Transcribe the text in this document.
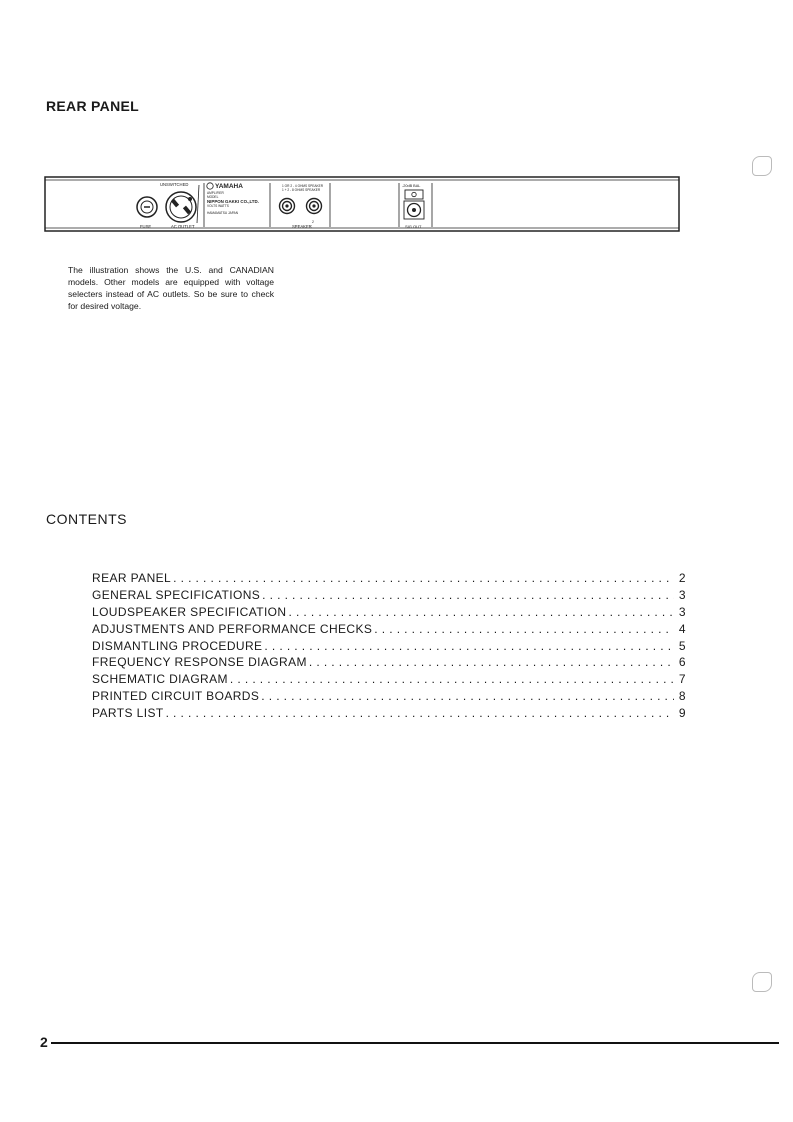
REAR PANEL
FUSE
UNSWITCHED
AC OUTLET
YAMAHA
AMPLIFIER
MODEL
NIPPON GAKKI CO.,LTD.
VOLTS WATTS
HAMAMATSU JAPAN
1 OR 2 - 4 OHMS SPEAKER
1 + 2 - 8 OHMS SPEAKER
2
SPEAKER
-20dB BAL
SIG OUT
The illustration shows the U.S. and CANADIAN models. Other models are equipped with voltage selecters instead of AC outlets. So be sure to check for desired voltage.
CONTENTS
REAR PANEL . . .	2
GENERAL SPECIFICATIONS . . .	3
LOUDSPEAKER SPECIFICATION . . .	3
ADJUSTMENTS AND PERFORMANCE CHECKS . . .	4
DISMANTLING PROCEDURE . . .	5
FREQUENCY RESPONSE DIAGRAM . . .	6
SCHEMATIC DIAGRAM . . .	7
PRINTED CIRCUIT BOARDS . . .	8
PARTS LIST . . .	9
2
